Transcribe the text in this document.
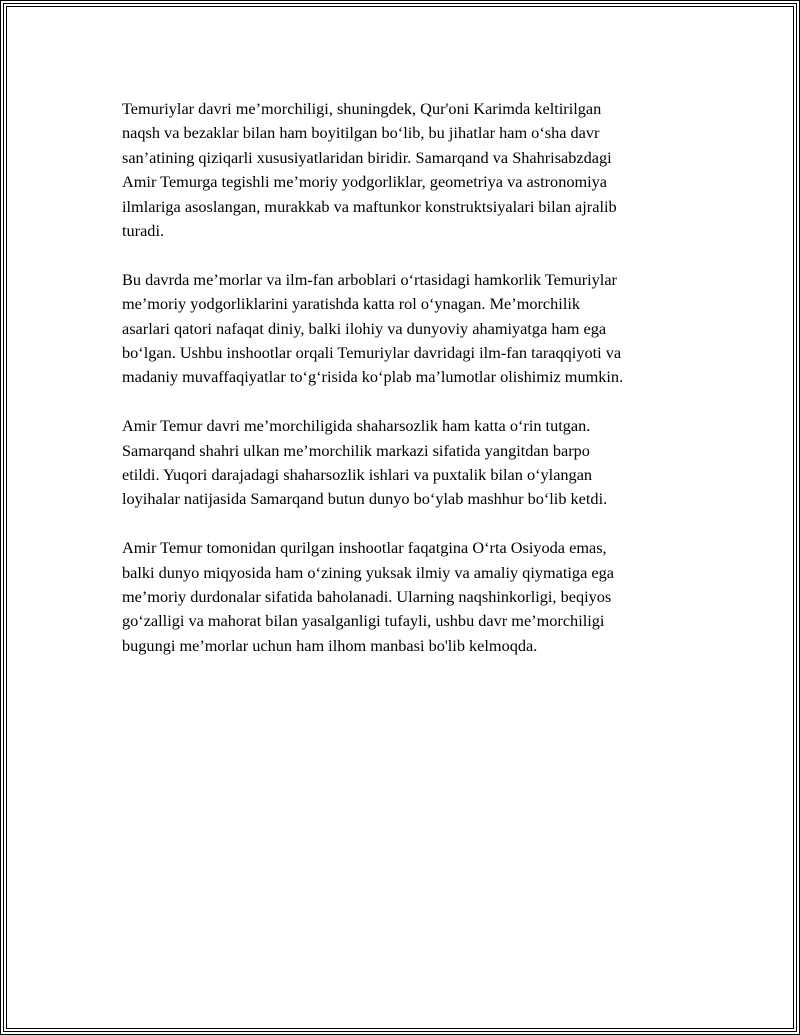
Temuriylar davri me’morchiligi, shuningdek, Qur'oni Karimda keltirilgan
naqsh va bezaklar bilan ham boyitilgan bo‘lib, bu jihatlar ham o‘sha davr
san’atining qiziqarli xususiyatlaridan biridir. Samarqand va Shahrisabzdagi
Amir Temurga tegishli me’moriy yodgorliklar, geometriya va astronomiya
ilmlariga asoslangan, murakkab va maftunkor konstruktsiyalari bilan ajralib
turadi.

Bu davrda me’morlar va ilm-fan arboblari o‘rtasidagi hamkorlik Temuriylar
me’moriy yodgorliklarini yaratishda katta rol o‘ynagan. Me’morchilik
asarlari qatori nafaqat diniy, balki ilohiy va dunyoviy ahamiyatga ham ega
bo‘lgan. Ushbu inshootlar orqali Temuriylar davridagi ilm-fan taraqqiyoti va
madaniy muvaffaqiyatlar to‘g‘risida ko‘plab ma’lumotlar olishimiz mumkin.

Amir Temur davri me’morchiligida shaharsozlik ham katta o‘rin tutgan.
Samarqand shahri ulkan me’morchilik markazi sifatida yangitdan barpo
etildi. Yuqori darajadagi shaharsozlik ishlari va puxtalik bilan o‘ylangan
loyihalar natijasida Samarqand butun dunyo bo‘ylab mashhur bo‘lib ketdi.

Amir Temur tomonidan qurilgan inshootlar faqatgina O‘rta Osiyoda emas,
balki dunyo miqyosida ham o‘zining yuksak ilmiy va amaliy qiymatiga ega
me’moriy durdonalar sifatida baholanadi. Ularning naqshinkorligi, beqiyos
go‘zalligi va mahorat bilan yasalganligi tufayli, ushbu davr me’morchiligi
bugungi me’morlar uchun ham ilhom manbasi bo'lib kelmoqda.
